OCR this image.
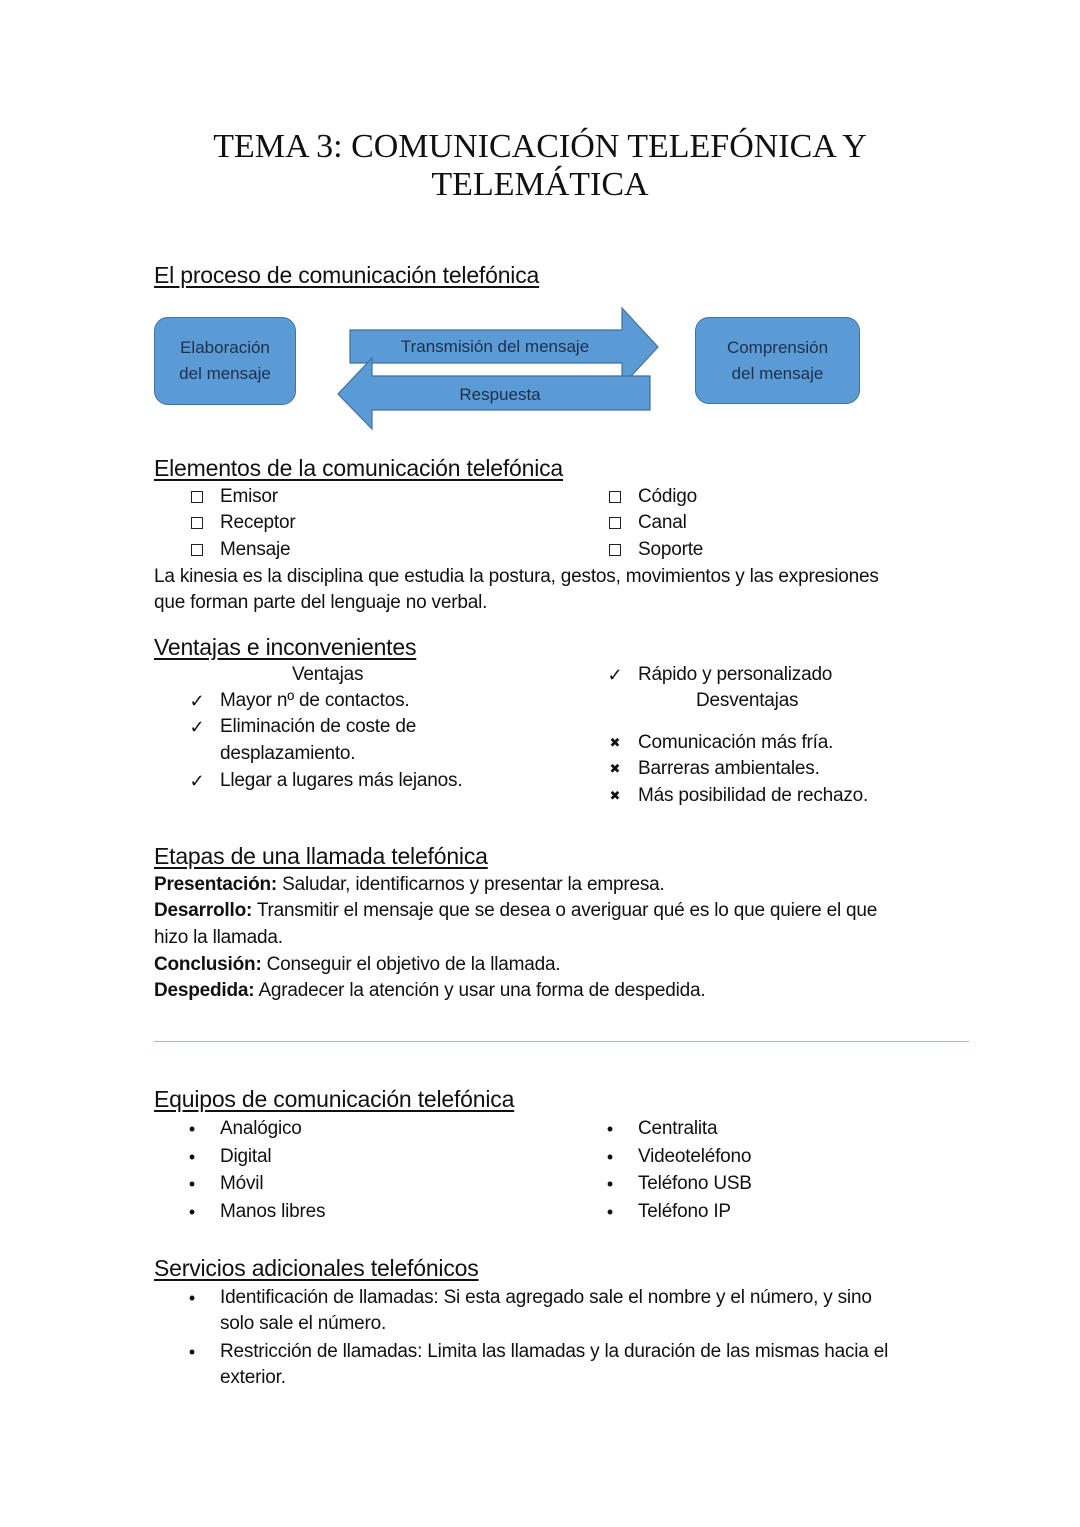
TEMA 3: COMUNICACIÓN TELEFÓNICA Y
TELEMÁTICA
El proceso de comunicación telefónica
Elaboración
del mensaje
Transmisión del mensaje
Respuesta
Comprensión
del mensaje
Elementos de la comunicación telefónica
Emisor
Receptor
Mensaje
Código
Canal
Soporte
La kinesia es la disciplina que estudia la postura, gestos, movimientos y las expresiones
que forman parte del lenguaje no verbal.
Ventajas e inconvenientes
Ventajas
✓ Mayor nº de contactos.
✓ Eliminación de coste de
desplazamiento.
✓ Llegar a lugares más lejanos.
✓ Rápido y personalizado
Desventajas
✖ Comunicación más fría.
✖ Barreras ambientales.
✖ Más posibilidad de rechazo.
Etapas de una llamada telefónica
Presentación: Saludar, identificarnos y presentar la empresa.
Desarrollo: Transmitir el mensaje que se desea o averiguar qué es lo que quiere el que
hizo la llamada.
Conclusión: Conseguir el objetivo de la llamada.
Despedida: Agradecer la atención y usar una forma de despedida.
Equipos de comunicación telefónica
•	Analógico
•	Digital
•	Móvil
•	Manos libres
•	Centralita
•	Videoteléfono
•	Teléfono USB
•	Teléfono IP
Servicios adicionales telefónicos
•	Identificación de llamadas: Si esta agregado sale el nombre y el número, y sino
solo sale el número.
•	Restricción de llamadas: Limita las llamadas y la duración de las mismas hacia el
exterior.
